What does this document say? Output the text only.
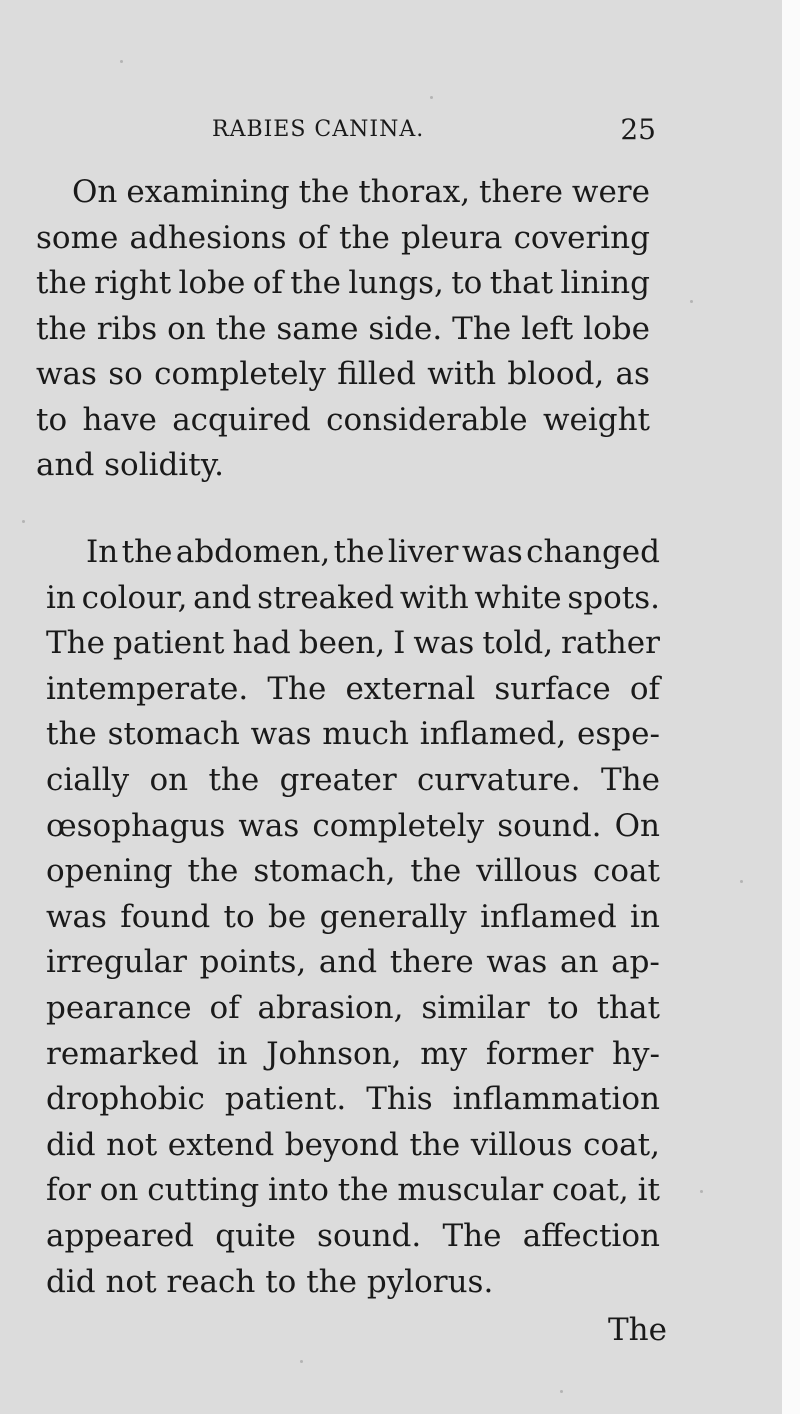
RABIES CANINA.	25
On examining the thorax, there were
some adhesions of the pleura covering
the right lobe of the lungs, to that lining
the ribs on the same side. The left lobe
was so completely filled with blood, as
to have acquired considerable weight
and solidity.
In the abdomen, the liver was changed
in colour, and streaked with white spots.
The patient had been, I was told, rather
intemperate. The external surface of
the stomach was much inflamed, espe-
cially on the greater curvature. The
œsophagus was completely sound. On
opening the stomach, the villous coat
was found to be generally inflamed in
irregular points, and there was an ap-
pearance of abrasion, similar to that
remarked in Johnson, my former hy-
drophobic patient. This inflammation
did not extend beyond the villous coat,
for on cutting into the muscular coat, it
appeared quite sound. The affection
did not reach to the pylorus.
The
